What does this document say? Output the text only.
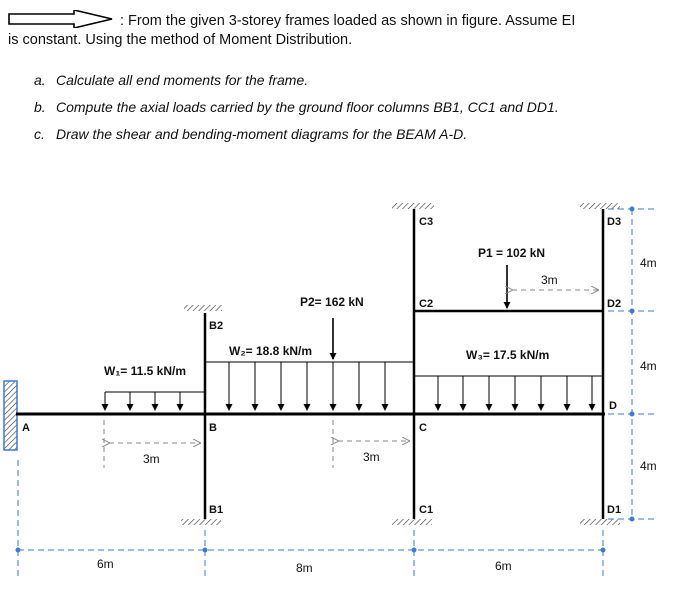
: From the given 3-storey frames loaded as shown in figure. Assume EI
is constant. Using the method of Moment Distribution.
a. Calculate all end moments for the frame.
b. Compute the axial loads carried by the ground floor columns BB1, CC1 and DD1.
c. Draw the shear and bending-moment diagrams for the BEAM A-D.
A	B	C
D
B2
B1
C3
C2
C1
D3
D2
D1
W₁= 11.5 kN/m
W₂= 18.8 kN/m
P2= 162 kN
W₃= 17.5 kN/m
P1 = 102 kN
3m	3m
3m
6m	8m	6m
4m
4m
4m
